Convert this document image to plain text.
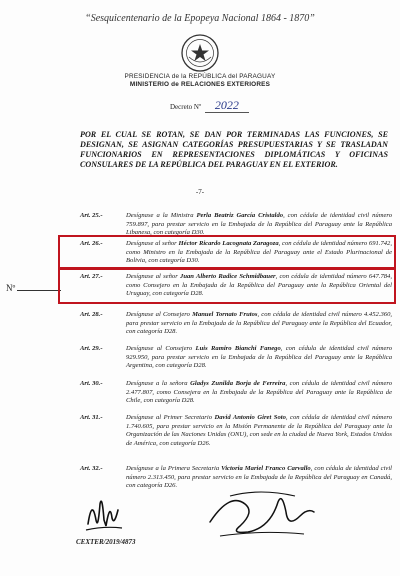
“Sesquicentenario de la Epopeya Nacional 1864 - 1870”
PRESIDENCIA de la REPÚBLICA del PARAGUAY
MINISTERIO de RELACIONES EXTERIORES
Decreto Nº 2022
POR EL CUAL SE ROTAN, SE DAN POR TERMINADAS LAS FUNCIONES, SE DESIGNAN, SE ASIGNAN CATEGORÍAS PRESUPUESTARIAS Y SE TRASLADAN FUNCIONARIOS EN REPRESENTACIONES DIPLOMÁTICAS Y OFICINAS CONSULARES DE LA REPÚBLICA DEL PARAGUAY EN EL EXTERIOR.
-7-
Nº
Art. 25.-	Desígnase a la Ministra Perla Beatriz García Cristaldo, con cédula de identidad civil número 759.897, para prestar servicio en la Embajada de la República del Paraguay ante la República Libanesa, con categoría D30.
Art. 26.-	Desígnase al señor Héctor Ricardo Lacognata Zaragoza, con cédula de identidad número 691.742, como Ministro en la Embajada de la República del Paraguay ante el Estado Plurinacional de Bolivia, con categoría D30.
Art. 27.-	Desígnase al señor Juan Alberto Radice Schmidbauer, con cédula de identidad número 647.784, como Consejero en la Embajada de la República del Paraguay ante la República Oriental del Uruguay, con categoría D28.
Art. 28.-	Desígnase al Consejero Manuel Tornato Frutos, con cédula de identidad civil número 4.452.360, para prestar servicio en la Embajada de la República del Paraguay ante la República del Ecuador, con categoría D28.
Art. 29.-	Desígnase al Consejero Luis Ramiro Bianchi Fanego, con cédula de identidad civil número 929.950, para prestar servicio en la Embajada de la República del Paraguay ante la República Argentina, con categoría D28.
Art. 30.-	Desígnase a la señora Gladys Zunilda Borja de Ferreira, con cédula de identidad civil número 2.477.807, como Consejera en la Embajada de la República del Paraguay ante la República de Chile, con categoría D28.
Art. 31.-	Desígnase al Primer Secretario David Antonio Giret Soto, con cédula de identidad civil número 1.740.605, para prestar servicio en la Misión Permanente de la República del Paraguay ante la Organización de las Naciones Unidas (ONU), con sede en la ciudad de Nueva York, Estados Unidos de América, con categoría D26.
Art. 32.-	Desígnase a la Primera Secretaria Victoria Mariel Franco Carvallo, con cédula de identidad civil número 2.313.450, para prestar servicio en la Embajada de la República del Paraguay en Canadá, con categoría D26.
CEXTER/2019/4873
